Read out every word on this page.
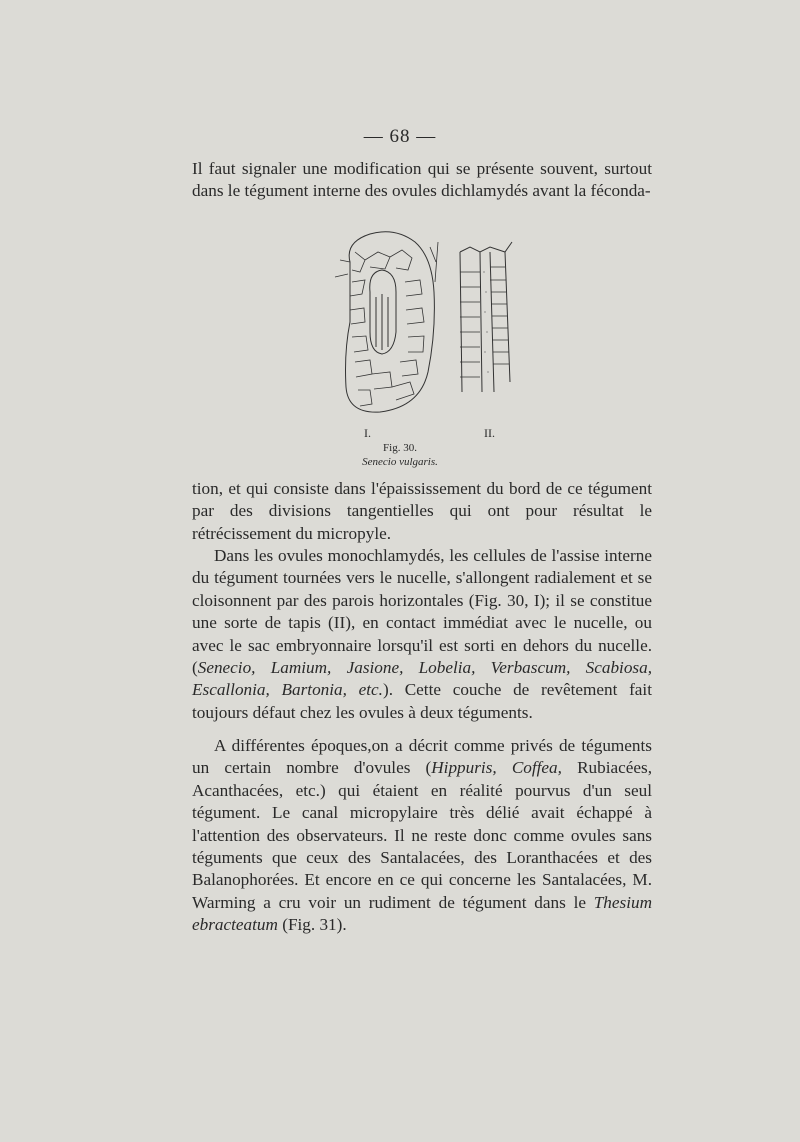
— 68 —

Il faut signaler une modification qui se présente souvent, surtout dans le tégument interne des ovules dichlamydés avant la féconda-

I.	II.
Fig. 30.
Senecio vulgaris.

tion, et qui consiste dans l'épaississement du bord de ce tégument par des divisions tangentielles qui ont pour résultat le rétrécissement du micropyle.

Dans les ovules monochlamydés, les cellules de l'assise interne du tégument tournées vers le nucelle, s'allongent radialement et se cloisonnent par des parois horizontales (Fig. 30, I); il se constitue une sorte de tapis (II), en contact immédiat avec le nucelle, ou avec le sac embryonnaire lorsqu'il est sorti en dehors du nucelle. (Senecio, Lamium, Jasione, Lobelia, Verbascum, Scabiosa, Escallonia, Bartonia, etc.). Cette couche de revêtement fait toujours défaut chez les ovules à deux téguments.

A différentes époques,on a décrit comme privés de téguments un certain nombre d'ovules (Hippuris, Coffea, Rubiacées, Acanthacées, etc.) qui étaient en réalité pourvus d'un seul tégument. Le canal micropylaire très délié avait échappé à l'attention des observateurs. Il ne reste donc comme ovules sans téguments que ceux des Santalacées, des Loranthacées et des Balanophorées. Et encore en ce qui concerne les Santalacées, M. Warming a cru voir un rudiment de tégument dans le Thesium ebracteatum (Fig. 31).
